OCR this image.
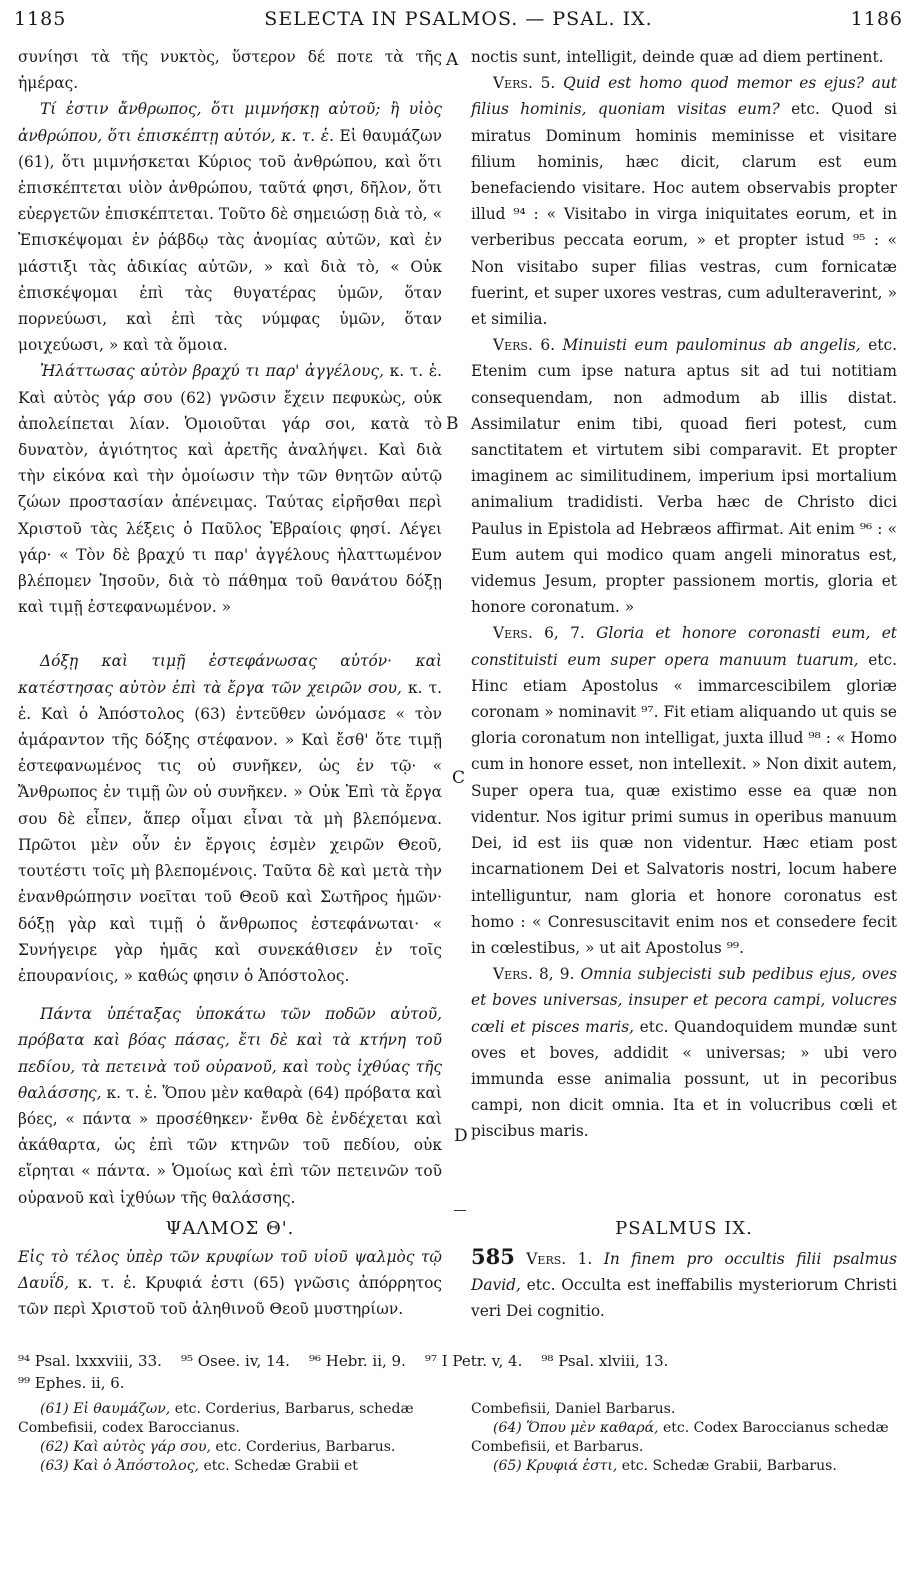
1185	SELECTA IN PSALMOS. — PSAL. IX.	1186

συνίησι τὰ τῆς νυκτὸς, ὕστερον δέ ποτε τὰ τῆς ἡμέρας.

Τί ἐστιν ἄνθρωπος, ὅτι μιμνήσκῃ αὐτοῦ; ἢ υἱὸς ἀνθρώπου, ὅτι ἐπισκέπτῃ αὐτόν, κ. τ. ἑ. Εἰ θαυμάζων (61), ὅτι μιμνήσκεται Κύριος τοῦ ἀνθρώπου, καὶ ὅτι ἐπισκέπτεται υἱὸν ἀνθρώπου, ταῦτά φησι, δῆλον, ὅτι εὐεργετῶν ἐπισκέπτεται. Τοῦτο δὲ σημειώσῃ διὰ τὸ, « Ἐπισκέψομαι ἐν ῥάβδῳ τὰς ἀνομίας αὐτῶν, καὶ ἐν μάστιξι τὰς ἀδικίας αὐτῶν, » καὶ διὰ τὸ, « Οὐκ ἐπισκέψομαι ἐπὶ τὰς θυγατέρας ὑμῶν, ὅταν πορνεύωσι, καὶ ἐπὶ τὰς νύμφας ὑμῶν, ὅταν μοιχεύωσι, » καὶ τὰ ὅμοια.

Ἠλάττωσας αὐτὸν βραχύ τι παρ' ἀγγέλους, κ. τ. ἑ. Καὶ αὐτὸς γάρ σου (62) γνῶσιν ἔχειν πεφυκὼς, οὐκ ἀπολείπεται λίαν. Ὁμοιοῦται γάρ σοι, κατὰ τὸ δυνατὸν, ἁγιότητος καὶ ἀρετῆς ἀναλήψει. Καὶ διὰ τὴν εἰκόνα καὶ τὴν ὁμοίωσιν τὴν τῶν θνητῶν αὐτῷ ζώων προστασίαν ἀπένειμας. Ταύτας εἰρῆσθαι περὶ Χριστοῦ τὰς λέξεις ὁ Παῦλος Ἑβραίοις φησί. Λέγει γάρ· « Τὸν δὲ βραχύ τι παρ' ἀγγέλους ἠλαττωμένον βλέπομεν Ἰησοῦν, διὰ τὸ πάθημα τοῦ θανάτου δόξῃ καὶ τιμῇ ἐστεφανωμένον. »

Δόξῃ καὶ τιμῇ ἐστεφάνωσας αὐτόν· καὶ κατέστησας αὐτὸν ἐπὶ τὰ ἔργα τῶν χειρῶν σου, κ. τ. ἑ. Καὶ ὁ Ἀπόστολος (63) ἐντεῦθεν ὠνόμασε « τὸν ἀμάραντον τῆς δόξης στέφανον. » Καὶ ἔσθ' ὅτε τιμῇ ἐστεφανωμένος τις οὐ συνῆκεν, ὡς ἐν τῷ· « Ἄνθρωπος ἐν τιμῇ ὢν οὐ συνῆκεν. » Οὐκ Ἐπὶ τὰ ἔργα σου δὲ εἶπεν, ἅπερ οἶμαι εἶναι τὰ μὴ βλεπόμενα. Πρῶτοι μὲν οὖν ἐν ἔργοις ἐσμὲν χειρῶν Θεοῦ, τουτέστι τοῖς μὴ βλεπομένοις. Ταῦτα δὲ καὶ μετὰ τὴν ἐνανθρώπησιν νοεῖται τοῦ Θεοῦ καὶ Σωτῆρος ἡμῶν· δόξῃ γὰρ καὶ τιμῇ ὁ ἄνθρωπος ἐστεφάνωται· « Συνήγειρε γὰρ ἡμᾶς καὶ συνεκάθισεν ἐν τοῖς ἐπουρανίοις, » καθώς φησιν ὁ Ἀπόστολος.

Πάντα ὑπέταξας ὑποκάτω τῶν ποδῶν αὐτοῦ, πρόβατα καὶ βόας πάσας, ἔτι δὲ καὶ τὰ κτήνη τοῦ πεδίου, τὰ πετεινὰ τοῦ οὐρανοῦ, καὶ τοὺς ἰχθύας τῆς θαλάσσης, κ. τ. ἑ. Ὅπου μὲν καθαρὰ (64) πρόβατα καὶ βόες, « πάντα » προσέθηκεν· ἔνθα δὲ ἐνδέχεται καὶ ἀκάθαρτα, ὡς ἐπὶ τῶν κτηνῶν τοῦ πεδίου, οὐκ εἴρηται « πάντα. » Ὁμοίως καὶ ἐπὶ τῶν πετεινῶν τοῦ οὐρανοῦ καὶ ἰχθύων τῆς θαλάσσης.

noctis sunt, intelligit, deinde quæ ad diem pertinent.

Vers. 5. Quid est homo quod memor es ejus? aut filius hominis, quoniam visitas eum? etc. Quod si miratus Dominum hominis meminisse et visitare filium hominis, hæc dicit, clarum est eum benefaciendo visitare. Hoc autem observabis propter illud ⁹⁴ : « Visitabo in virga iniquitates eorum, et in verberibus peccata eorum, » et propter istud ⁹⁵ : « Non visitabo super filias vestras, cum fornicatæ fuerint, et super uxores vestras, cum adulteraverint, » et similia.

Vers. 6. Minuisti eum paulominus ab angelis, etc. Etenim cum ipse natura aptus sit ad tui notitiam consequendam, non admodum ab illis distat. Assimilatur enim tibi, quoad fieri potest, cum sanctitatem et virtutem sibi comparavit. Et propter imaginem ac similitudinem, imperium ipsi mortalium animalium tradidisti. Verba hæc de Christo dici Paulus in Epistola ad Hebræos affirmat. Ait enim ⁹⁶ : « Eum autem qui modico quam angeli minoratus est, videmus Jesum, propter passionem mortis, gloria et honore coronatum. »

Vers. 6, 7. Gloria et honore coronasti eum, et constituisti eum super opera manuum tuarum, etc. Hinc etiam Apostolus « immarcescibilem gloriæ coronam » nominavit ⁹⁷. Fit etiam aliquando ut quis se gloria coronatum non intelligat, juxta illud ⁹⁸ : « Homo cum in honore esset, non intellexit. » Non dixit autem, Super opera tua, quæ existimo esse ea quæ non videntur. Nos igitur primi sumus in operibus manuum Dei, id est iis quæ non videntur. Hæc etiam post incarnationem Dei et Salvatoris nostri, locum habere intelliguntur, nam gloria et honore coronatus est homo : « Conresuscitavit enim nos et consedere fecit in cœlestibus, » ut ait Apostolus ⁹⁹.

Vers. 8, 9. Omnia subjecisti sub pedibus ejus, oves et boves universas, insuper et pecora campi, volucres cœli et pisces maris, etc. Quandoquidem mundæ sunt oves et boves, addidit « universas; » ubi vero immunda esse animalia possunt, ut in pecoribus campi, non dicit omnia. Ita et in volucribus cœli et piscibus maris.

A
B
C
D
ΨΑΛΜΟΣ Θ'.	PSALMUS IX.
Εἰς τὸ τέλος ὑπὲρ τῶν κρυφίων τοῦ υἱοῦ ψαλμὸς τῷ Δαυΐδ, κ. τ. ἑ. Κρυφιά ἐστι (65) γνῶσις ἀπόρρητος τῶν περὶ Χριστοῦ τοῦ ἀληθινοῦ Θεοῦ μυστηρίων.
585 Vers. 1. In finem pro occultis filii psalmus David, etc. Occulta est ineffabilis mysteriorum Christi veri Dei cognitio.
⁹⁴ Psal. lxxxviii, 33.    ⁹⁵ Osee. iv, 14.    ⁹⁶ Hebr. ii, 9.    ⁹⁷ I Petr. v, 4.    ⁹⁸ Psal. xlviii, 13.
⁹⁹ Ephes. ii, 6.

(61) Εἰ θαυμάζων, etc. Corderius, Barbarus, schedæ Combefisii, codex Baroccianus.

(62) Καὶ αὐτὸς γάρ σου, etc. Corderius, Barbarus.

(63) Καὶ ὁ Ἀπόστολος, etc. Schedæ Grabii et

Combefisii, Daniel Barbarus.

(64) Ὅπου μὲν καθαρά, etc. Codex Baroccianus schedæ Combefisii, et Barbarus.

(65) Κρυφιά ἐστι, etc. Schedæ Grabii, Barbarus.
